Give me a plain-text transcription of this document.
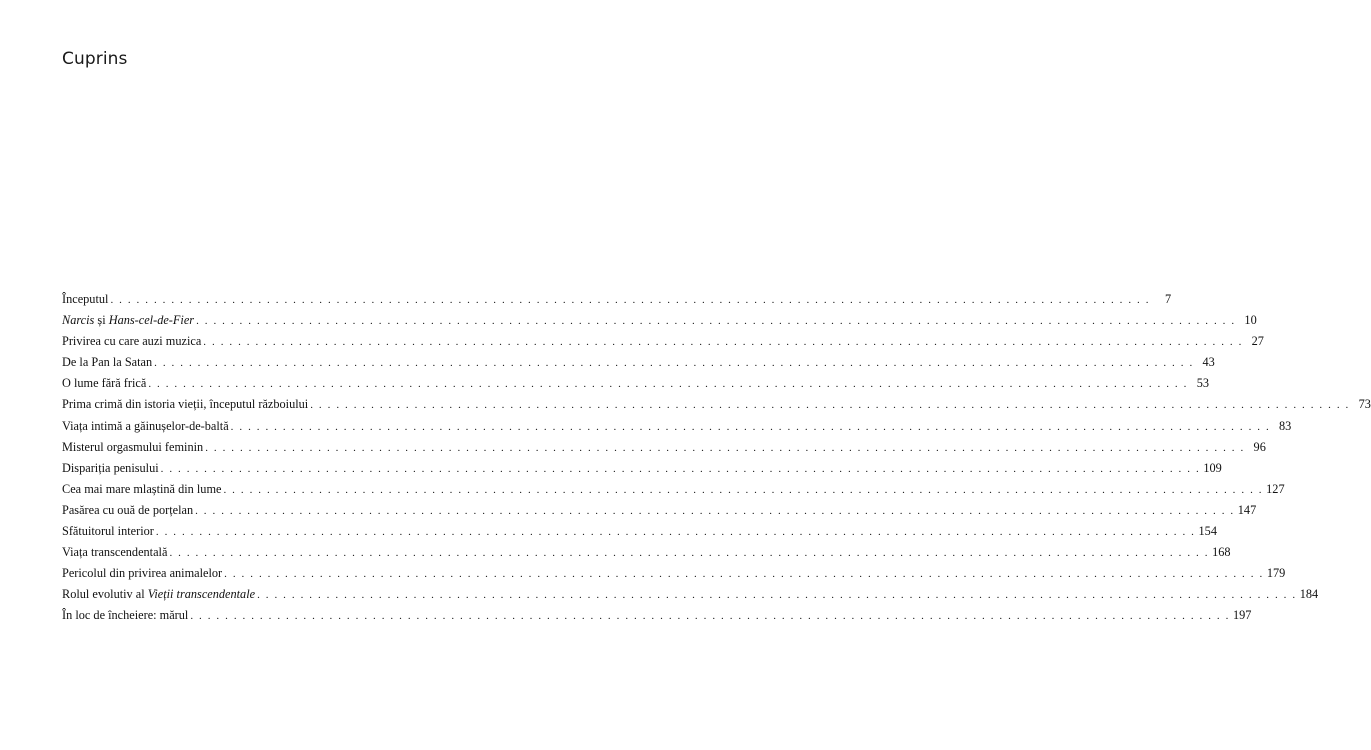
Cuprins
Începutul . . . . . . . . . . . . . . . . . . . . . . . . . . . . . . . . . . . . . . . . . . . . . . . . . . . . . . . . . . . . . . . . . . . . . . . . . . . . . . . . . . . . . . . . . . . . . . . . . . . . . . . . . . . . . . . . . . . . . . . .	7
Narcis și Hans-cel-de-Fier . . . . . . . . . . . . . . . . . . . . . . . . . . . . . . . . . . . . . . . . . . . . . . . . . . . . . . . . . . . . . . . . . . . . . . . . . . . . . . . . . . . . . . . . . . . . . . . . . . . . . . . . . . . . . . . . . . . . . . . . 10
Privirea cu care auzi muzica . . . . . . . . . . . . . . . . . . . . . . . . . . . . . . . . . . . . . . . . . . . . . . . . . . . . . . . . . . . . . . . . . . . . . . . . . . . . . . . . . . . . . . . . . . . . . . . . . . . . . . . . . . . . . . . . . . . . . . . . 27
De la Pan la Satan . . . . . . . . . . . . . . . . . . . . . . . . . . . . . . . . . . . . . . . . . . . . . . . . . . . . . . . . . . . . . . . . . . . . . . . . . . . . . . . . . . . . . . . . . . . . . . . . . . . . . . . . . . . . . . . . . . . . . . . . 43
O lume fără frică . . . . . . . . . . . . . . . . . . . . . . . . . . . . . . . . . . . . . . . . . . . . . . . . . . . . . . . . . . . . . . . . . . . . . . . . . . . . . . . . . . . . . . . . . . . . . . . . . . . . . . . . . . . . . . . . . . . . . . . . 53
Prima crimă din istoria vieții, începutul războiului . . . . . . . . . . . . . . . . . . . . . . . . . . . . . . . . . . . . . . . . . . . . . . . . . . . . . . . . . . . . . . . . . . . . . . . . . . . . . . . . . . . . . . . . . . . . . . . . . . . . . . . . . . . . . . . . . . . . . . . . 73
Viața intimă a găinușelor-de-baltă . . . . . . . . . . . . . . . . . . . . . . . . . . . . . . . . . . . . . . . . . . . . . . . . . . . . . . . . . . . . . . . . . . . . . . . . . . . . . . . . . . . . . . . . . . . . . . . . . . . . . . . . . . . . . . . . . . . . . . . . 83
Misterul orgasmului feminin . . . . . . . . . . . . . . . . . . . . . . . . . . . . . . . . . . . . . . . . . . . . . . . . . . . . . . . . . . . . . . . . . . . . . . . . . . . . . . . . . . . . . . . . . . . . . . . . . . . . . . . . . . . . . . . . . . . . . . . . 96
Dispariția penisului . . . . . . . . . . . . . . . . . . . . . . . . . . . . . . . . . . . . . . . . . . . . . . . . . . . . . . . . . . . . . . . . . . . . . . . . . . . . . . . . . . . . . . . . . . . . . . . . . . . . . . . . . . . . . . . . . . . . . . . . 109
Cea mai mare mlaștină din lume . . . . . . . . . . . . . . . . . . . . . . . . . . . . . . . . . . . . . . . . . . . . . . . . . . . . . . . . . . . . . . . . . . . . . . . . . . . . . . . . . . . . . . . . . . . . . . . . . . . . . . . . . . . . . . . . . . . . . . . . 127
Pasărea cu ouă de porțelan . . . . . . . . . . . . . . . . . . . . . . . . . . . . . . . . . . . . . . . . . . . . . . . . . . . . . . . . . . . . . . . . . . . . . . . . . . . . . . . . . . . . . . . . . . . . . . . . . . . . . . . . . . . . . . . . . . . . . . . . 147
Sfătuitorul interior . . . . . . . . . . . . . . . . . . . . . . . . . . . . . . . . . . . . . . . . . . . . . . . . . . . . . . . . . . . . . . . . . . . . . . . . . . . . . . . . . . . . . . . . . . . . . . . . . . . . . . . . . . . . . . . . . . . . . . . . 154
Viața transcendentală . . . . . . . . . . . . . . . . . . . . . . . . . . . . . . . . . . . . . . . . . . . . . . . . . . . . . . . . . . . . . . . . . . . . . . . . . . . . . . . . . . . . . . . . . . . . . . . . . . . . . . . . . . . . . . . . . . . . . . . . 168
Pericolul din privirea animalelor . . . . . . . . . . . . . . . . . . . . . . . . . . . . . . . . . . . . . . . . . . . . . . . . . . . . . . . . . . . . . . . . . . . . . . . . . . . . . . . . . . . . . . . . . . . . . . . . . . . . . . . . . . . . . . . . . . . . . . . . 179
Rolul evolutiv al Vieții transcendentale . . . . . . . . . . . . . . . . . . . . . . . . . . . . . . . . . . . . . . . . . . . . . . . . . . . . . . . . . . . . . . . . . . . . . . . . . . . . . . . . . . . . . . . . . . . . . . . . . . . . . . . . . . . . . . . . . . . . . . . . 184
În loc de încheiere: mărul . . . . . . . . . . . . . . . . . . . . . . . . . . . . . . . . . . . . . . . . . . . . . . . . . . . . . . . . . . . . . . . . . . . . . . . . . . . . . . . . . . . . . . . . . . . . . . . . . . . . . . . . . . . . . . . . . . . . . . . . 197
